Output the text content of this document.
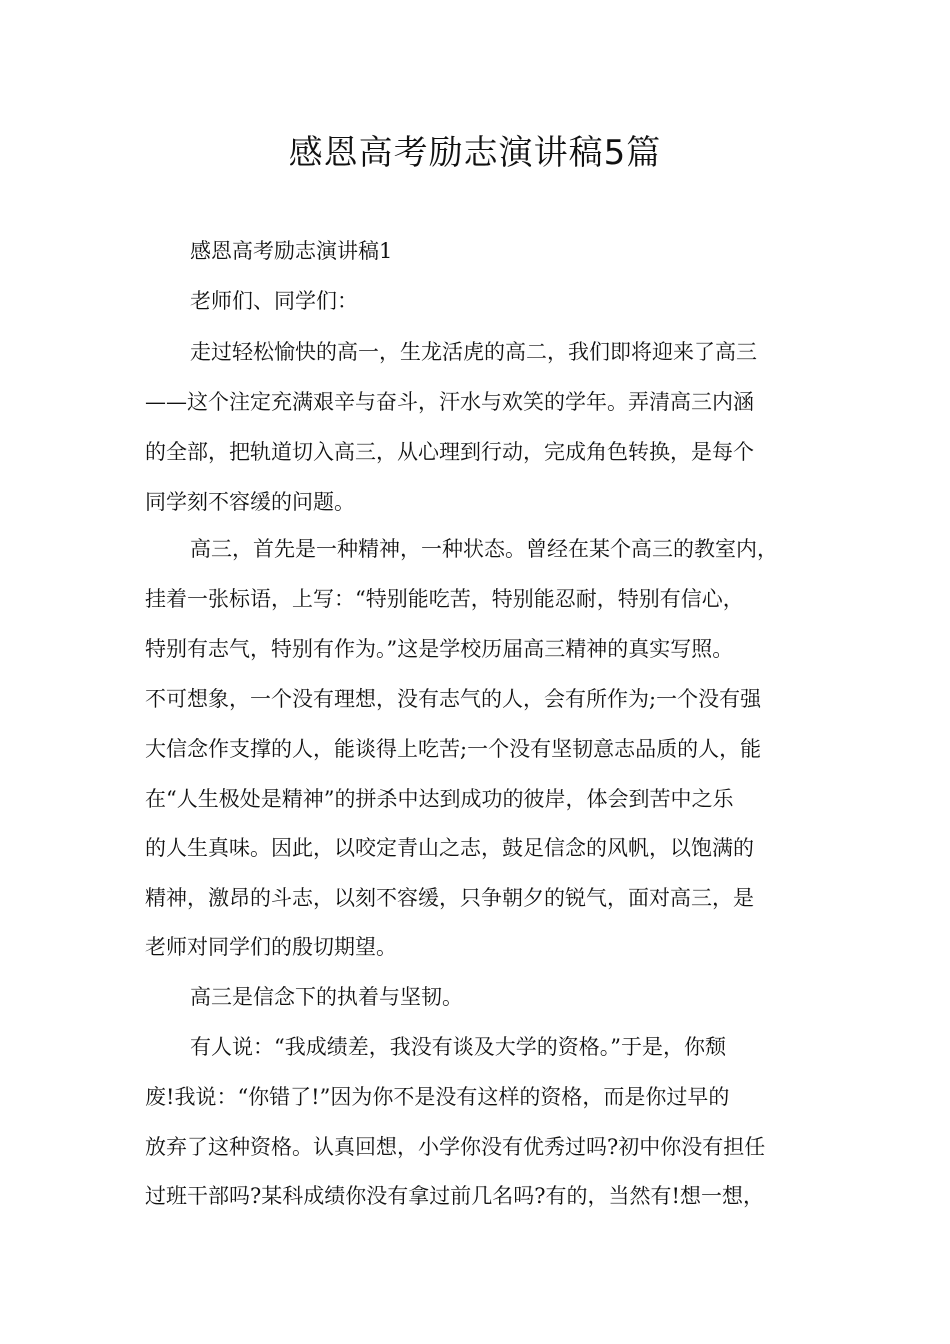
感恩高考励志演讲稿5篇

感恩高考励志演讲稿1

老师们、同学们：

走过轻松愉快的高一，生龙活虎的高二，我们即将迎来了高三

——这个注定充满艰辛与奋斗，汗水与欢笑的学年。弄清高三内涵

的全部，把轨道切入高三，从心理到行动，完成角色转换，是每个

同学刻不容缓的问题。

高三，首先是一种精神，一种状态。曾经在某个高三的教室内，

挂着一张标语，上写：“特别能吃苦，特别能忍耐，特别有信心，

特别有志气，特别有作为。”这是学校历届高三精神的真实写照。

不可想象，一个没有理想，没有志气的人，会有所作为;一个没有强

大信念作支撑的人，能谈得上吃苦;一个没有坚韧意志品质的人，能

在“人生极处是精神”的拼杀中达到成功的彼岸，体会到苦中之乐

的人生真味。因此，以咬定青山之志，鼓足信念的风帆，以饱满的

精神，激昂的斗志，以刻不容缓，只争朝夕的锐气，面对高三，是

老师对同学们的殷切期望。

高三是信念下的执着与坚韧。

有人说：“我成绩差，我没有谈及大学的资格。”于是，你颓

废!我说：“你错了!”因为你不是没有这样的资格，而是你过早的

放弃了这种资格。认真回想，小学你没有优秀过吗?初中你没有担任

过班干部吗?某科成绩你没有拿过前几名吗?有的，当然有!想一想，
